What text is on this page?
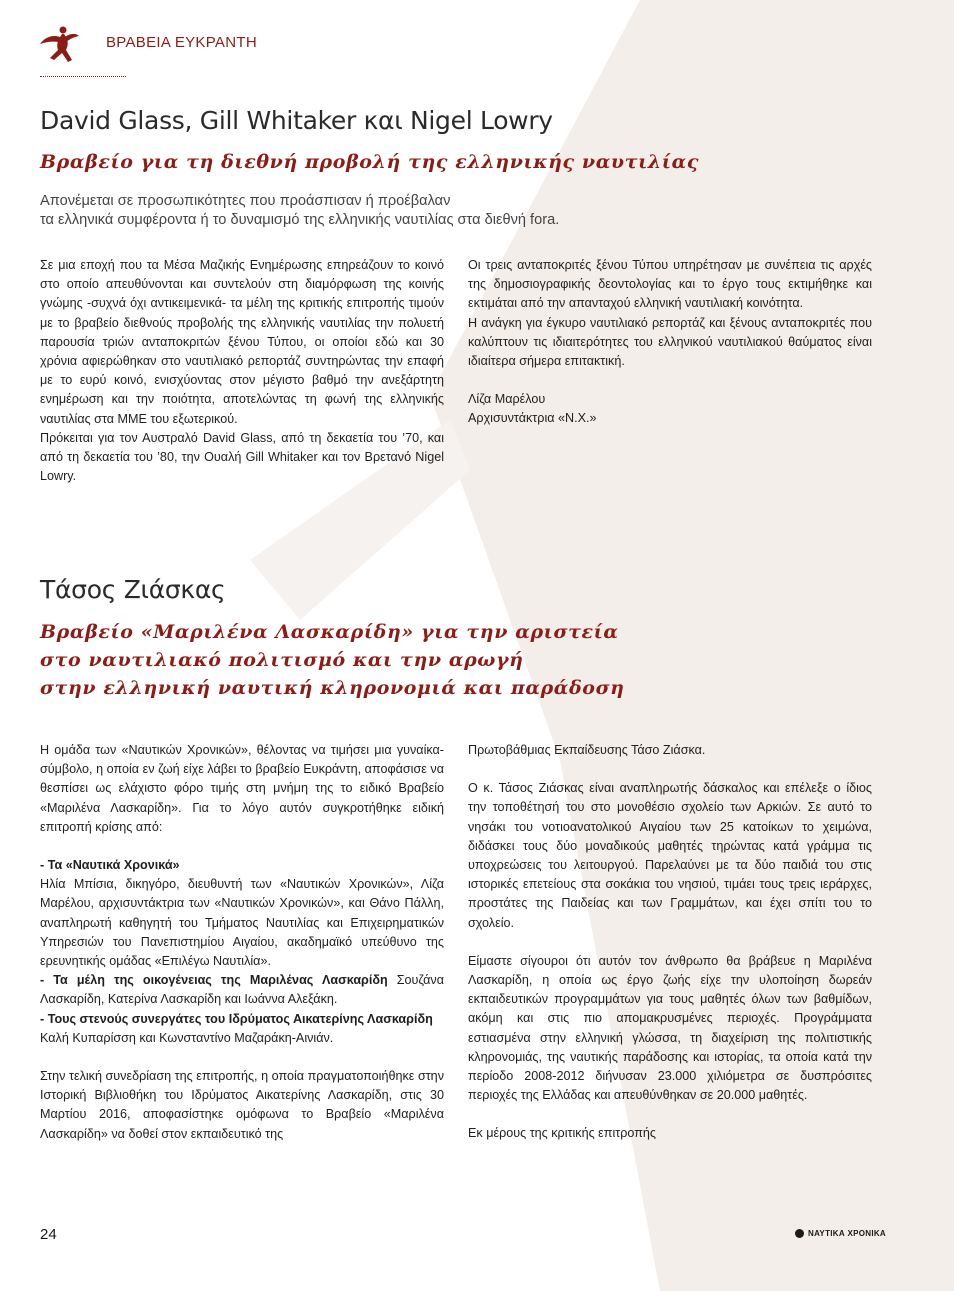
ΒΡΑΒΕΙΑ ΕΥΚΡΑΝΤΗ
David Glass, Gill Whitaker και Nigel Lowry
Βραβείο για τη διεθνή προβολή της ελληνικής ναυτιλίας
Απονέμεται σε προσωπικότητες που προάσπισαν ή προέβαλαν
τα ελληνικά συμφέροντα ή το δυναμισμό της ελληνικής ναυτιλίας στα διεθνή fora.

Σε μια εποχή που τα Μέσα Μαζικής Ενημέρωσης επηρεάζουν το κοινό στο οποίο απευθύνονται και συντελούν στη διαμόρφωση της κοινής γνώμης -συχνά όχι αντικειμενικά- τα μέλη της κριτικής επιτροπής τιμούν με το βραβείο διεθνούς προβολής της ελληνικής ναυτιλίας την πολυετή παρουσία τριών ανταποκριτών ξένου Τύπου, οι οποίοι εδώ και 30 χρόνια αφιερώθηκαν στο ναυτιλιακό ρεπορτάζ συντηρώντας την επαφή με το ευρύ κοινό, ενισχύοντας στον μέγιστο βαθμό την ανεξάρτητη ενημέρωση και την ποιότητα, αποτελώντας τη φωνή της ελληνικής ναυτιλίας στα ΜΜΕ του εξωτερικού.

Πρόκειται για τον Αυστραλό David Glass, από τη δεκαετία του ’70, και από τη δεκαετία του ’80, την Ουαλή Gill Whitaker και τον Βρετανό Nigel Lowry.

Οι τρεις ανταποκριτές ξένου Τύπου υπηρέτησαν με συνέπεια τις αρχές της δημοσιογραφικής δεοντολογίας και το έργο τους εκτιμήθηκε και εκτιμάται από την απανταχού ελληνική ναυτιλιακή κοινότητα.

Η ανάγκη για έγκυρο ναυτιλιακό ρεπορτάζ και ξένους ανταποκριτές που καλύπτουν τις ιδιαιτερότητες του ελληνικού ναυτιλιακού θαύματος είναι ιδιαίτερα σήμερα επιτακτική.

Λίζα Μαρέλου

Αρχισυντάκτρια «Ν.Χ.»

Τάσος Ζιάσκας
Βραβείο «Μαριλένα Λασκαρίδη» για την αριστεία
στο ναυτιλιακό πολιτισμό και την αρωγή
στην ελληνική ναυτική κληρονομιά και παράδοση

Η ομάδα των «Ναυτικών Χρονικών», θέλοντας να τιμήσει μια γυναίκα-σύμβολο, η οποία εν ζωή είχε λάβει το βραβείο Ευκράντη, αποφάσισε να θεσπίσει ως ελάχιστο φόρο τιμής στη μνήμη της το ειδικό Βραβείο «Μαριλένα Λασκαρίδη». Για το λόγο αυτόν συγκροτήθηκε ειδική επιτροπή κρίσης από:

- Τα «Ναυτικά Χρονικά»

Ηλία Μπίσια, δικηγόρο, διευθυντή των «Ναυτικών Χρονικών», Λίζα Μαρέλου, αρχισυντάκτρια των «Ναυτικών Χρονικών», και Θάνο Πάλλη, αναπληρωτή καθηγητή του Τμήματος Ναυτιλίας και Επιχειρηματικών Υπηρεσιών του Πανεπιστημίου Αιγαίου, ακαδημαϊκό υπεύθυνο της ερευνητικής ομάδας «Επιλέγω Ναυτιλία».

- Τα μέλη της οικογένειας της Μαριλένας Λασκαρίδη Σουζάνα Λασκαρίδη, Κατερίνα Λασκαρίδη και Ιωάννα Αλεξάκη.

- Τους στενούς συνεργάτες του Ιδρύματος Αικατερίνης Λασκαρίδη

Καλή Κυπαρίσση και Κωνσταντίνο Μαζαράκη-Αινιάν.

Στην τελική συνεδρίαση της επιτροπής, η οποία πραγματοποιήθηκε στην Ιστορική Βιβλιοθήκη του Ιδρύματος Αικατερίνης Λασκαρίδη, στις 30 Μαρτίου 2016, αποφασίστηκε ομόφωνα το Βραβείο «Μαριλένα Λασκαρίδη» να δοθεί στον εκπαιδευτικό της

Πρωτοβάθμιας Εκπαίδευσης Τάσο Ζιάσκα.

Ο κ. Τάσος Ζιάσκας είναι αναπληρωτής δάσκαλος και επέλεξε ο ίδιος την τοποθέτησή του στο μονοθέσιο σχολείο των Αρκιών. Σε αυτό το νησάκι του νοτιοανατολικού Αιγαίου των 25 κατοίκων το χειμώνα, διδάσκει τους δύο μοναδικούς μαθητές τηρώντας κατά γράμμα τις υποχρεώσεις του λειτουργού. Παρελαύνει με τα δύο παιδιά του στις ιστορικές επετείους στα σοκάκια του νησιού, τιμάει τους τρεις ιεράρχες, προστάτες της Παιδείας και των Γραμμάτων, και έχει σπίτι του το σχολείο.

Είμαστε σίγουροι ότι αυτόν τον άνθρωπο θα βράβευε η Μαριλένα Λασκαρίδη, η οποία ως έργο ζωής είχε την υλοποίηση δωρεάν εκπαιδευτικών προγραμμάτων για τους μαθητές όλων των βαθμίδων, ακόμη και στις πιο απομακρυσμένες περιοχές. Προγράμματα εστιασμένα στην ελληνική γλώσσα, τη διαχείριση της πολιτιστικής κληρονομιάς, της ναυτικής παράδοσης και ιστορίας, τα οποία κατά την περίοδο 2008-2012 διήνυσαν 23.000 χιλιόμετρα σε δυσπρόσιτες περιοχές της Ελλάδας και απευθύνθηκαν σε 20.000 μαθητές.

Εκ μέρους της κριτικής επιτροπής

24	ΝΑΥΤΙΚΑ ΧΡΟΝΙΚΑ
